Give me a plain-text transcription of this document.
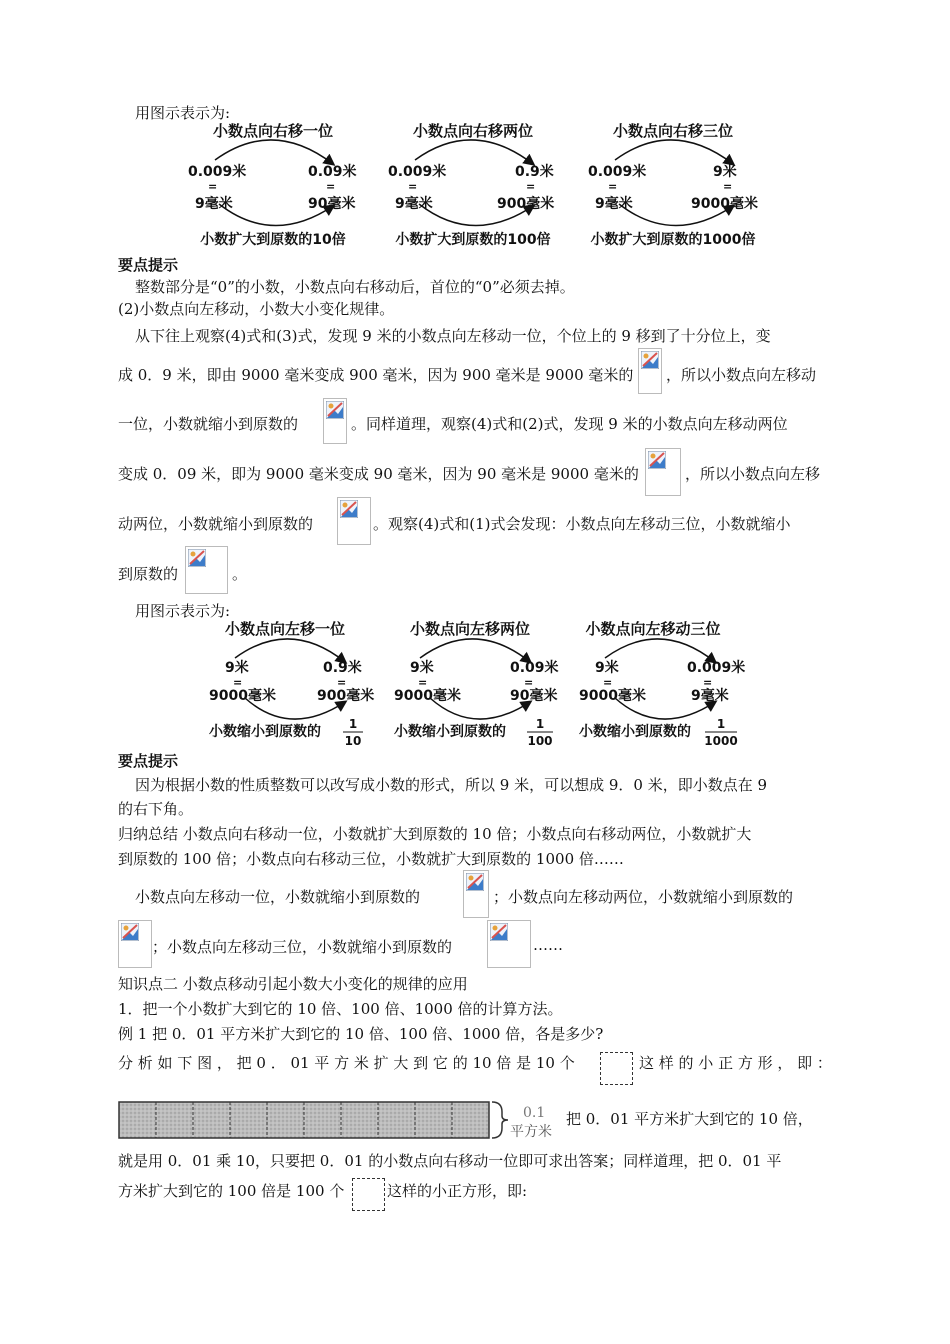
用图示表示为:
小数点向右移一位
0.009米
=
9毫米
0.09米
=
90毫米
小数扩大到原数的10倍
小数点向右移两位
0.009米
=
9毫米
0.9米
=
900毫米
小数扩大到原数的100倍
小数点向右移三位
0.009米
=
9毫米
9米
=
9000毫米
小数扩大到原数的1000倍
要点提示
整数部分是“0”的小数，小数点向右移动后，首位的“0”必须去掉。
(2)小数点向左移动，小数大小变化规律。
从下往上观察(4)式和(3)式，发现 9 米的小数点向左移动一位，个位上的 9 移到了十分位上，变
成 0．9 米，即由 9000 毫米变成 900 毫米，因为 900 毫米是 9000 毫米的 ，所以小数点向左移动
一位，小数就缩小到原数的	。同样道理，观察(4)式和(2)式，发现 9 米的小数点向左移动两位
变成 0．09 米，即为 9000 毫米变成 90 毫米，因为 90 毫米是 9000 毫米的	，所以小数点向左移
动两位，小数就缩小到原数的	。观察(4)式和(1)式会发现：小数点向左移动三位，小数就缩小
到原数的	。
用图示表示为:
小数点向左移一位
9米
=
9000毫米
0.9米
=
900毫米
小数缩小到原数的 1
10
小数点向左移两位
9米
=
9000毫米
0.09米
=
90毫米
小数缩小到原数的 1
100
小数点向左移动三位
9米
=
9000毫米
0.009米
=
9毫米
小数缩小到原数的 1
1000
要点提示
因为根据小数的性质整数可以改写成小数的形式，所以 9 米，可以想成 9．0 米，即小数点在 9
的右下角。
归纳总结 小数点向右移动一位，小数就扩大到原数的 10 倍；小数点向右移动两位，小数就扩大
到原数的 100 倍；小数点向右移动三位，小数就扩大到原数的 1000 倍……
小数点向左移动一位，小数就缩小到原数的	；小数点向左移动两位，小数就缩小到原数的
；小数点向左移动三位，小数就缩小到原数的	……
知识点二 小数点移动引起小数大小变化的规律的应用
1．把一个小数扩大到它的 10 倍、100 倍、1000 倍的计算方法。
例 1 把 0．01 平方米扩大到它的 10 倍、100 倍、1000 倍，各是多少?
分 析 如 下 图 ， 把 0 ． 01 平 方 米 扩 大 到 它 的 10 倍 是 10 个	这 样 的 小 正 方 形 ， 即 ：
0.1
平方米
把 0．01 平方米扩大到它的 10 倍，
就是用 0．01 乘 10，只要把 0．01 的小数点向右移动一位即可求出答案；同样道理，把 0．01 平
方米扩大到它的 100 倍是 100 个	这样的小正方形，即:
